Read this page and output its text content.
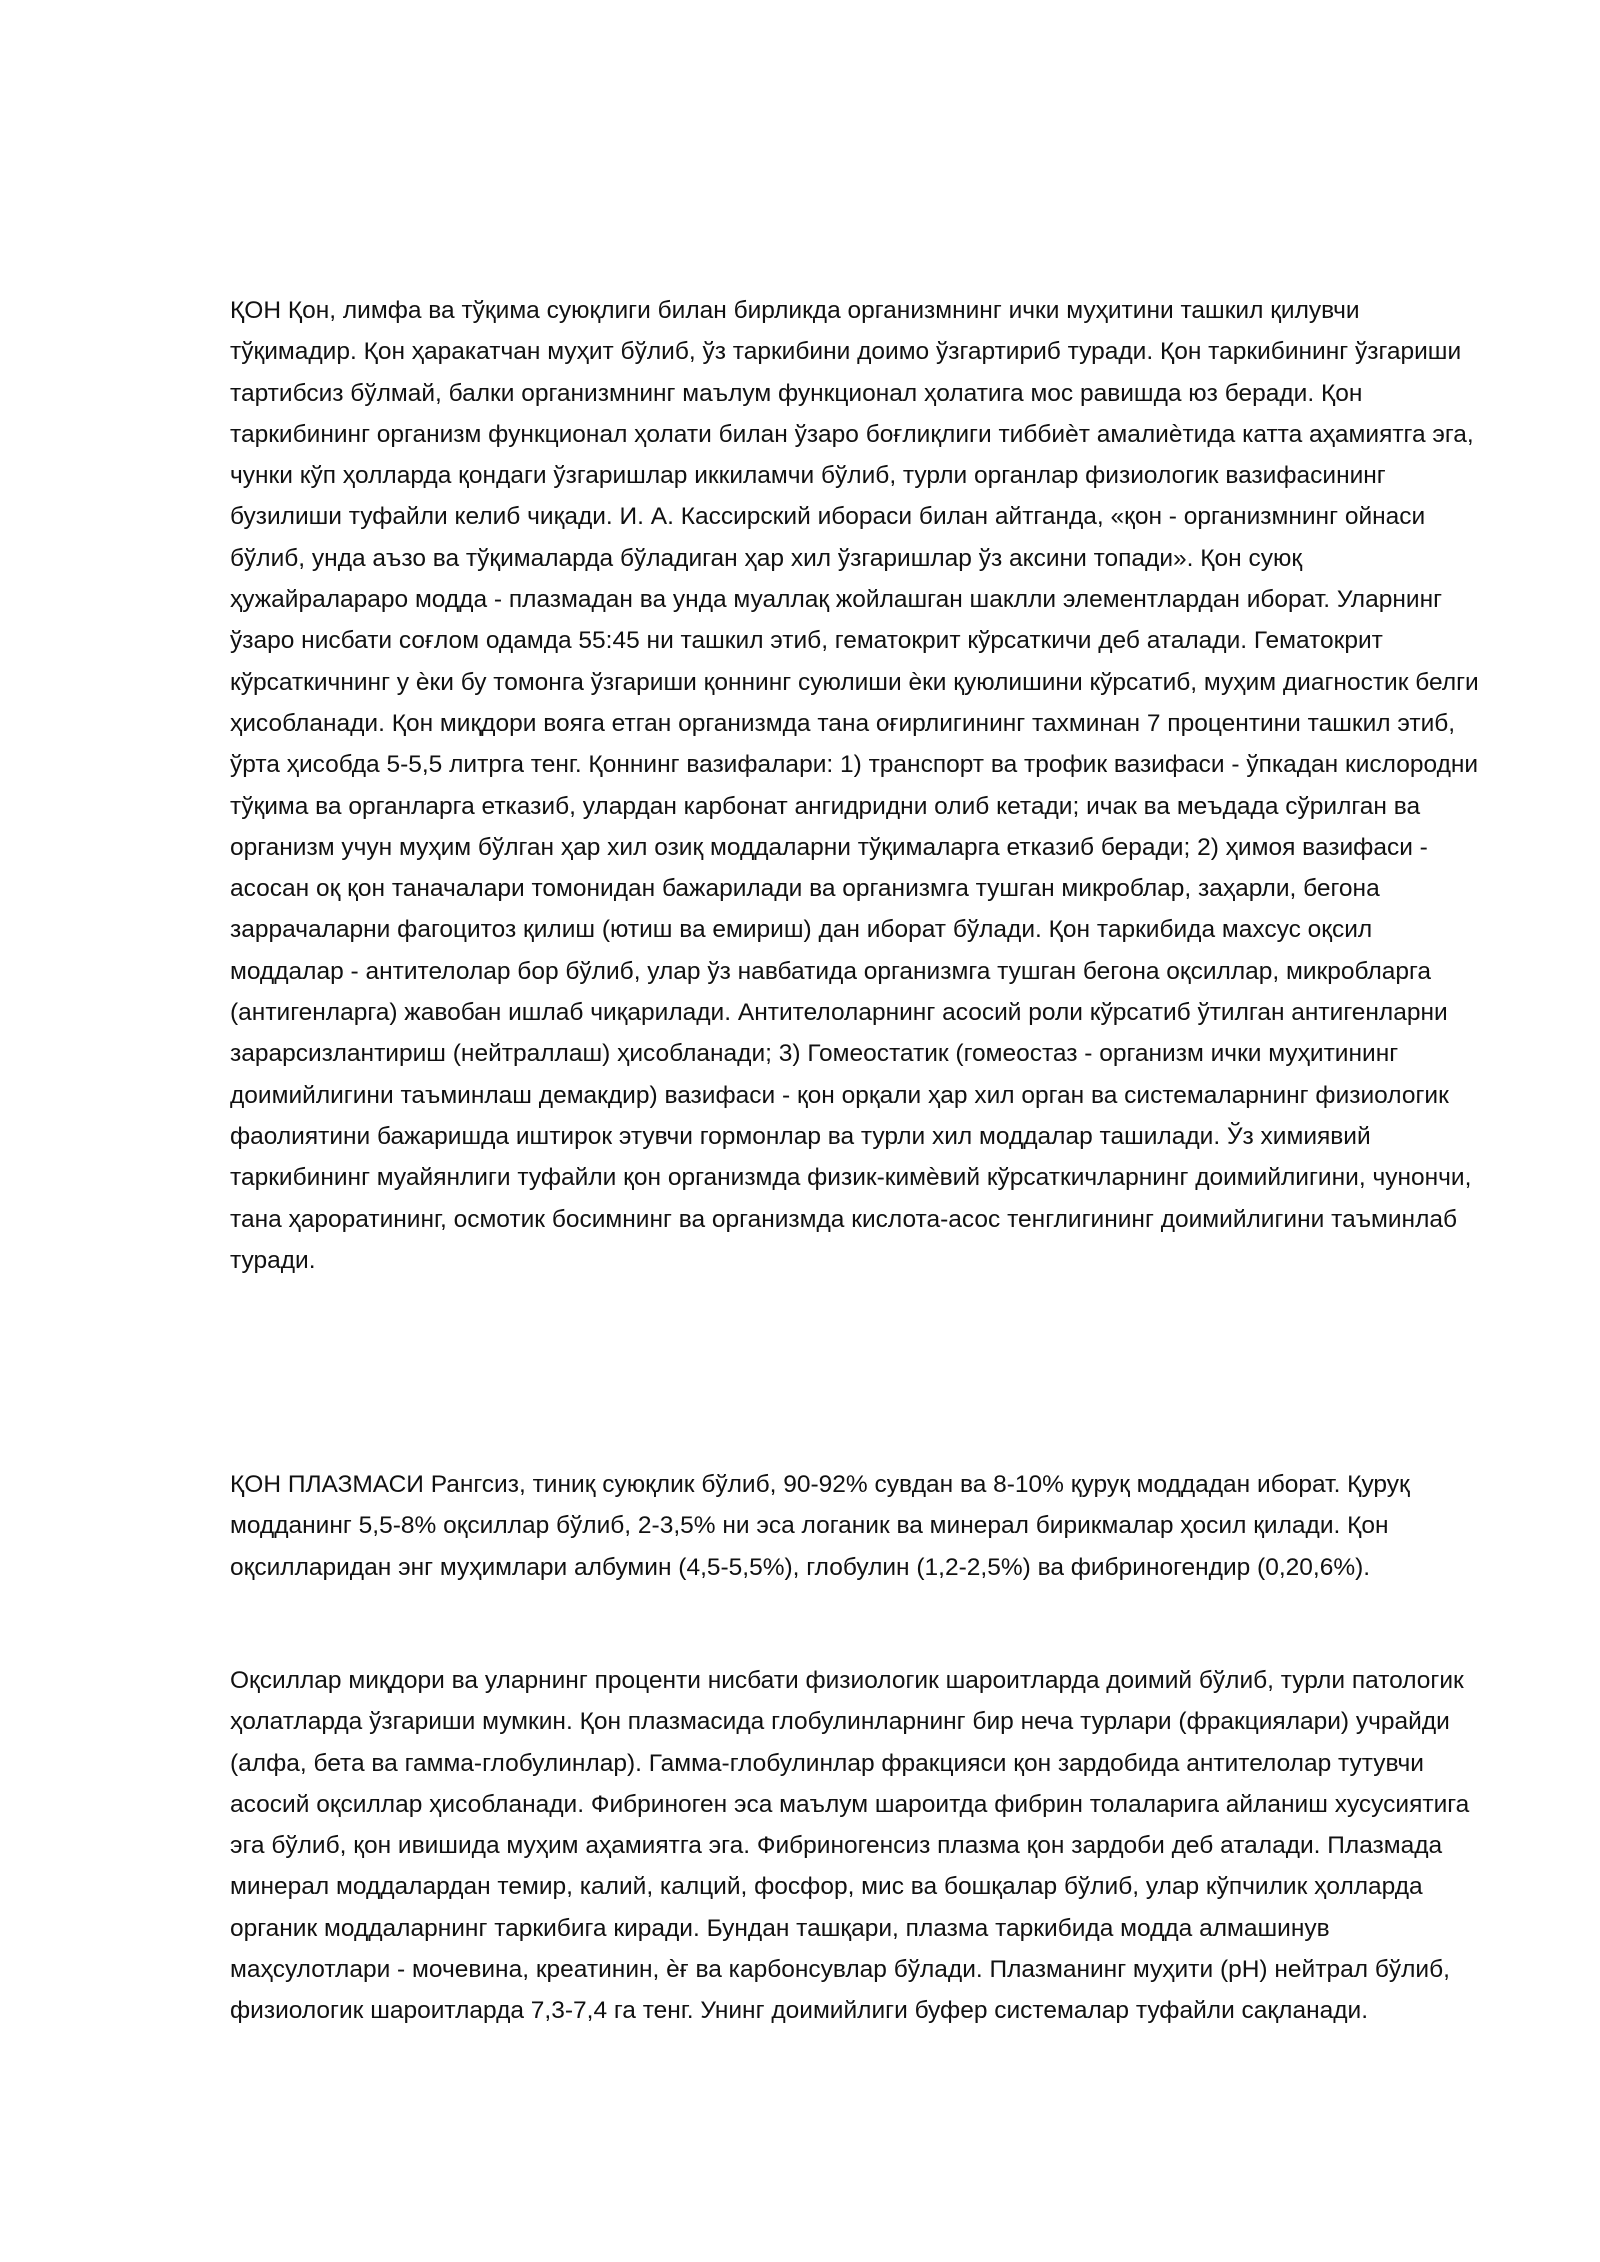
ҚОН Қон, лимфа ва тўқима суюқлиги билан бирликда организмнинг ички муҳитини ташкил қилувчи тўқимадир. Қон ҳаракатчан муҳит бўлиб, ўз таркибини доимо ўзгартириб туради. Қон таркибининг ўзгариши тартибсиз бўлмай, балки организмнинг маълум функционал ҳолатига мос равишда юз беради. Қон таркибининг организм функционал ҳолати билан ўзаро боғлиқлиги тиббиѐт амалиѐтида катта аҳамиятга эга, чунки кўп ҳолларда қондаги ўзгаришлар иккиламчи бўлиб, турли органлар физиологик вазифасининг бузилиши туфайли келиб чиқади. И. А. Кассирский ибораси билан айтганда, «қон - организмнинг ойнаси бўлиб, унда аъзо ва тўқималарда бўладиган ҳар хил ўзгаришлар ўз аксини топади». Қон суюқ ҳужайралараро модда - плазмадан ва унда муаллақ жойлашган шаклли элементлардан иборат. Уларнинг ўзаро нисбати соғлом одамда 55:45 ни ташкил этиб, гематокрит кўрсаткичи деб аталади. Гематокрит кўрсаткичнинг у ѐки бу томонга ўзгариши қоннинг суюлиши ѐки қуюлишини кўрсатиб, муҳим диагностик белги ҳисобланади. Қон миқдори вояга етган организмда тана оғирлигининг тахминан 7 процентини ташкил этиб, ўрта ҳисобда 5-5,5 литрга тенг. Қоннинг вазифалари: 1) транспорт ва трофик вазифаси - ўпкадан кислородни тўқима ва органларга етказиб, улардан карбонат ангидридни олиб кетади; ичак ва меъдада сўрилган ва организм учун муҳим бўлган ҳар хил озиқ моддаларни тўқималарга етказиб беради; 2) ҳимоя вазифаси - асосан оқ қон таначалари томонидан бажарилади ва организмга тушган микроблар, заҳарли, бегона заррачаларни фагоцитоз қилиш (ютиш ва емириш) дан иборат бўлади. Қон таркибида махсус оқсил моддалар - антителолар бор бўлиб, улар ўз навбатида организмга тушган бегона оқсиллар, микробларга (антигенларга) жавобан ишлаб чиқарилади. Антителоларнинг асосий роли кўрсатиб ўтилган антигенларни зарарсизлантириш (нейтраллаш) ҳисобланади; 3) Гомеостатик (гомеостаз - организм ички муҳитининг доимийлигини таъминлаш демакдир) вазифаси - қон орқали ҳар хил орган ва системаларнинг физиологик фаолиятини бажаришда иштирок этувчи гормонлар ва турли хил моддалар ташилади. Ўз химиявий таркибининг муайянлиги туфайли қон организмда физик-кимѐвий кўрсаткичларнинг доимийлигини, чунончи, тана ҳароратининг, осмотик босимнинг ва организмда кислота-асос тенглигининг доимийлигини таъминлаб туради.

ҚОН ПЛАЗМАСИ Рангсиз, тиниқ суюқлик бўлиб, 90-92% сувдан ва 8-10% қуруқ моддадан иборат. Қуруқ модданинг 5,5-8% оқсиллар бўлиб, 2-3,5% ни эса логаник ва минерал бирикмалар ҳосил қилади. Қон оқсилларидан энг муҳимлари албумин (4,5-5,5%), глобулин (1,2-2,5%) ва фибриногендир (0,20,6%).

Оқсиллар миқдори ва уларнинг проценти нисбати физиологик шароитларда доимий бўлиб, турли патологик ҳолатларда ўзгариши мумкин. Қон плазмасида глобулинларнинг бир неча турлари (фракциялари) учрайди (алфа, бета ва гамма-глобулинлар). Гамма-глобулинлар фракцияси қон зардобида антителолар тутувчи асосий оқсиллар ҳисобланади. Фибриноген эса маълум шароитда фибрин толаларига айланиш хусусиятига эга бўлиб, қон ивишида муҳим аҳамиятга эга. Фибриногенсиз плазма қон зардоби деб аталади. Плазмада минерал моддалардан темир, калий, калций, фосфор, мис ва бошқалар бўлиб, улар кўпчилик ҳолларда органик моддаларнинг таркибига киради. Бундан ташқари, плазма таркибида модда алмашинув маҳсулотлари - мочевина, креатинин, ѐғ ва карбонсувлар бўлади. Плазманинг муҳити (рН) нейтрал бўлиб, физиологик шароитларда 7,3-7,4 га тенг. Унинг доимийлиги буфер системалар туфайли сақланади.
